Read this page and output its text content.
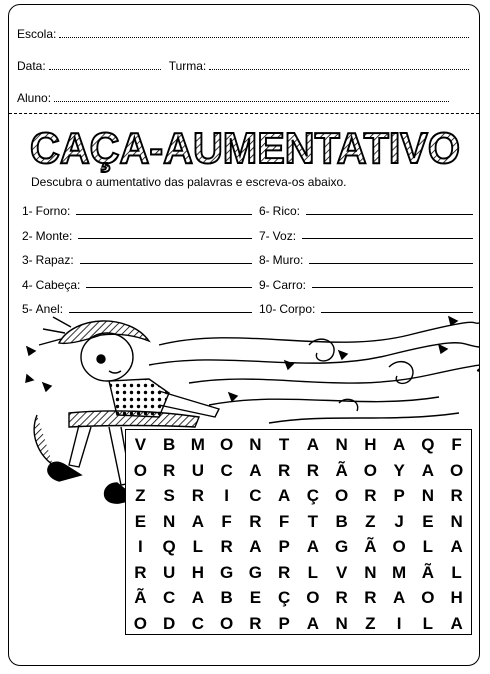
Escola:
Data:	Turma:
Aluno:
CAÇA-AUMENTATIVO
Descubra o aumentativo das palavras e escreva-os abaixo.
1- Forno:
2- Monte:
3- Rapaz:
4- Cabeça:
5- Anel:
6- Rico:
7- Voz:
8- Muro:
9- Carro:
10- Corpo:
V B M O N	T	A N H A Q F
O R U C A R R Ã O Y A O
Z	S R	I	C A Ç O R P N R
E N A	F	R	F	T	B	Z	J	E N
I	Q L	R A P A G Ã O L	A
R U H G G R	L	V N M Ã	L
Ã C A B E Ç O R R A O H
O D C O R P A N	Z	I	L	A
